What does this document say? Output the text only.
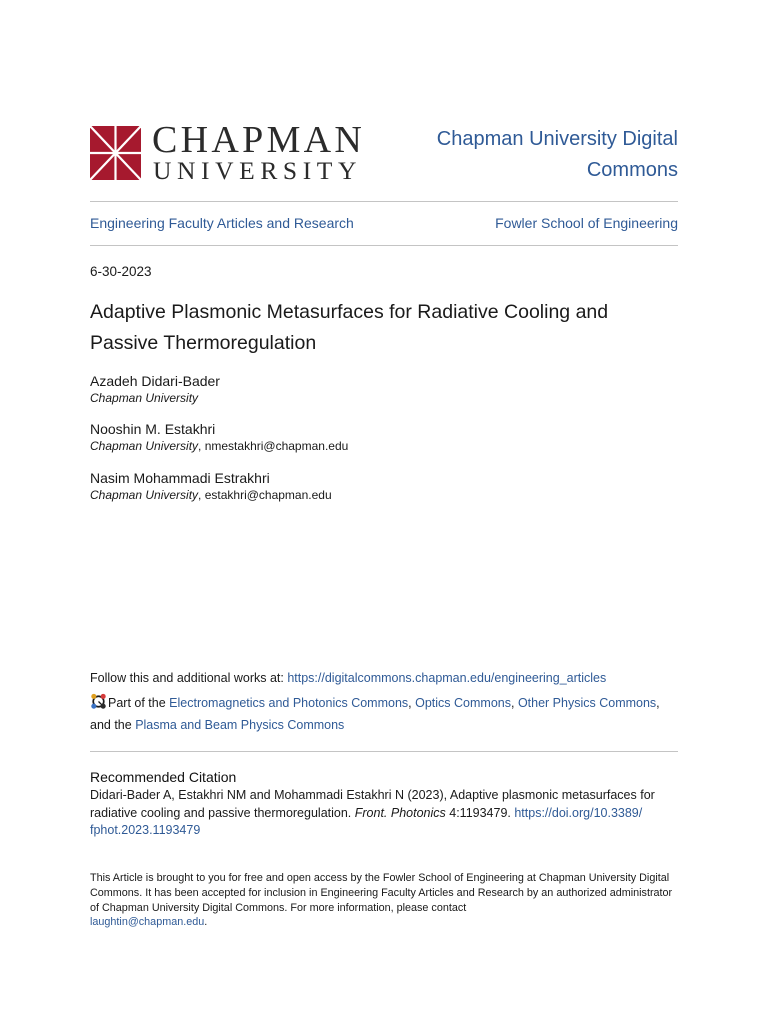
CHAPMAN
UNIVERSITY
Chapman University Digital Commons
Engineering Faculty Articles and Research	Fowler School of Engineering
6-30-2023
Adaptive Plasmonic Metasurfaces for Radiative Cooling and Passive Thermoregulation
Azadeh Didari-Bader
Chapman University
Nooshin M. Estakhri
Chapman University, nmestakhri@chapman.edu
Nasim Mohammadi Estrakhri
Chapman University, estakhri@chapman.edu
Follow this and additional works at: https://digitalcommons.chapman.edu/engineering_articles
Part of the Electromagnetics and Photonics Commons, Optics Commons, Other Physics Commons,
and the Plasma and Beam Physics Commons
Recommended Citation
Didari-Bader A, Estakhri NM and Mohammadi Estakhri N (2023), Adaptive plasmonic metasurfaces for radiative cooling and passive thermoregulation. Front. Photonics 4:1193479. https://doi.org/10.3389/
fphot.2023.1193479
This Article is brought to you for free and open access by the Fowler School of Engineering at Chapman University Digital Commons. It has been accepted for inclusion in Engineering Faculty Articles and Research by an authorized administrator of Chapman University Digital Commons. For more information, please contact
laughtin@chapman.edu.
